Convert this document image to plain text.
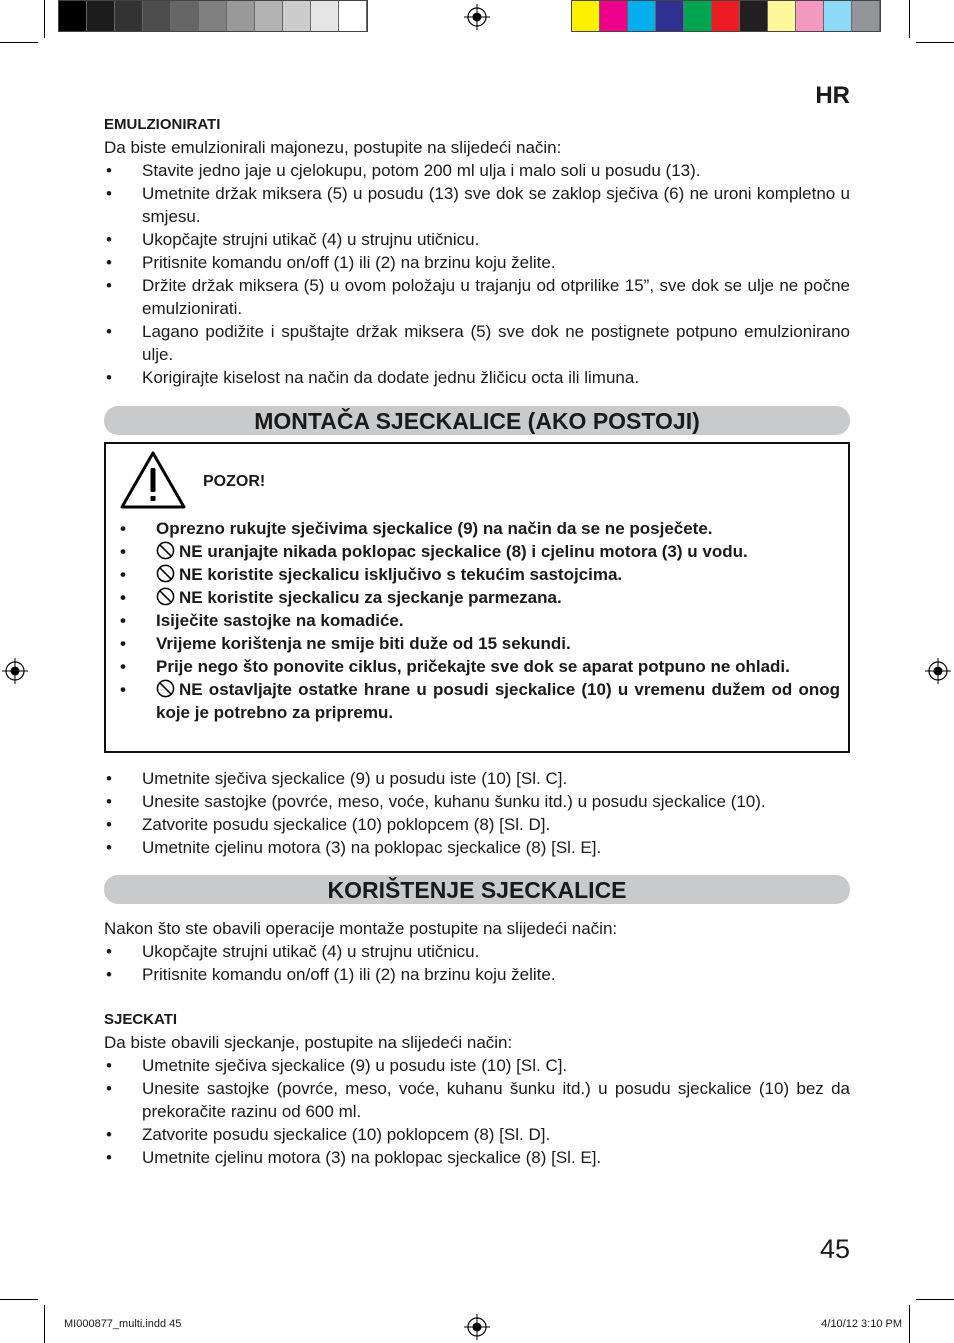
HR
EMULZIONIRATI
Da biste emulzionirali majonezu, postupite na slijedeći način:
• Stavite jedno jaje u cjelokupu, potom 200 ml ulja i malo soli u posudu (13).
• Umetnite držak miksera (5) u posudu (13) sve dok se zaklop sječiva (6) ne uroni kompletno u smjesu.
• Ukopčajte strujni utikač (4) u strujnu utičnicu.
• Pritisnite komandu on/off (1) ili (2) na brzinu koju želite.
• Držite držak miksera (5) u ovom položaju u trajanju od otprilike 15”, sve dok se ulje ne počne emulzionirati.
• Lagano podižite i spuštajte držak miksera (5) sve dok ne postignete potpuno emulzionirano ulje.
• Korigirajte kiselost na način da dodate jednu žličicu octa ili limuna.
MONTAČA SJECKALICE (AKO POSTOJI)
POZOR!
• Oprezno rukujte sječivima sjeckalice (9) na način da se ne posječete.
• NE uranjajte nikada poklopac sjeckalice (8) i cjelinu motora (3) u vodu.
• NE koristite sjeckalicu isključivo s tekućim sastojcima.
• NE koristite sjeckalicu za sjeckanje parmezana.
• Isiječite sastojke na komadiće.
• Vrijeme korištenja ne smije biti duže od 15 sekundi.
• Prije nego što ponovite ciklus, pričekajte sve dok se aparat potpuno ne ohladi.
• NE ostavljajte ostatke hrane u posudi sjeckalice (10) u vremenu dužem od onog koje je potrebno za pripremu.
• Umetnite sječiva sjeckalice (9) u posudu iste (10) [Sl. C].
• Unesite sastojke (povrće, meso, voće, kuhanu šunku itd.) u posudu sjeckalice (10).
• Zatvorite posudu sjeckalice (10) poklopcem (8) [Sl. D].
• Umetnite cjelinu motora (3) na poklopac sjeckalice (8) [Sl. E].
KORIŠTENJE SJECKALICE
Nakon što ste obavili operacije montaže postupite na slijedeći način:
• Ukopčajte strujni utikač (4) u strujnu utičnicu.
• Pritisnite komandu on/off (1) ili (2) na brzinu koju želite.
SJECKATI
Da biste obavili sjeckanje, postupite na slijedeći način:
• Umetnite sječiva sjeckalice (9) u posudu iste (10) [Sl. C].
• Unesite sastojke (povrće, meso, voće, kuhanu šunku itd.) u posudu sjeckalice (10) bez da prekoračite razinu od 600 ml.
• Zatvorite posudu sjeckalice (10) poklopcem (8) [Sl. D].
• Umetnite cjelinu motora (3) na poklopac sjeckalice (8) [Sl. E].
45
MI000877_multi.indd 45	4/10/12 3:10 PM
